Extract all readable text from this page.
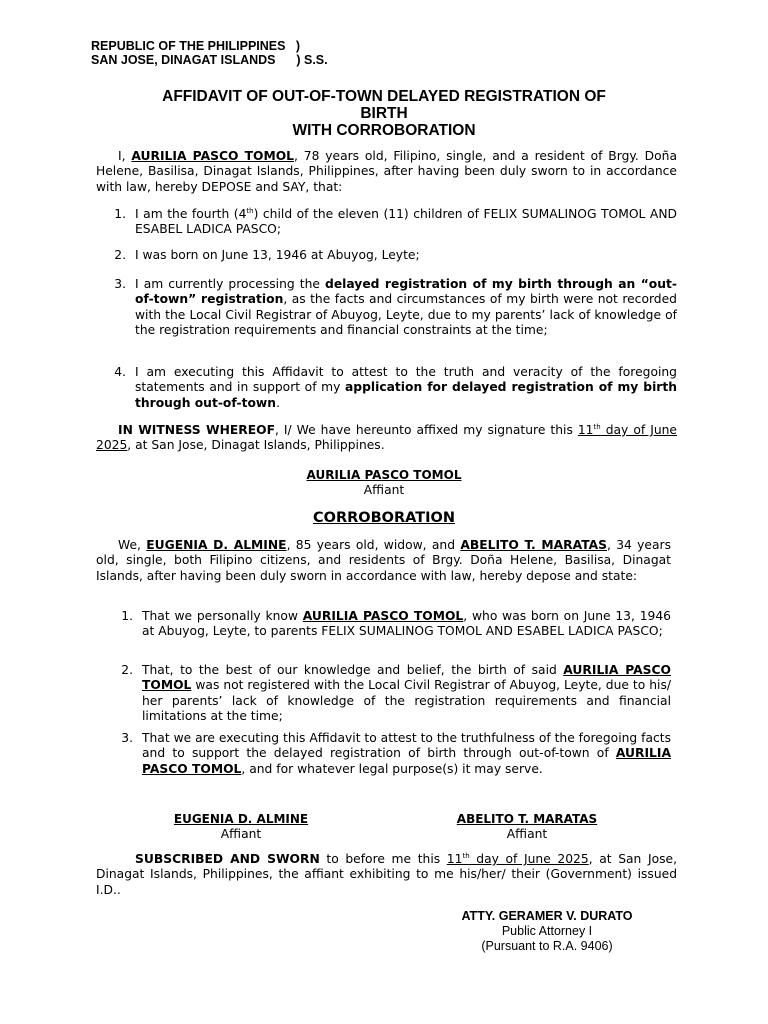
REPUBLIC OF THE PHILIPPINES   )
SAN JOSE, DINAGAT ISLANDS      ) S.S.
AFFIDAVIT OF OUT-OF-TOWN DELAYED REGISTRATION OF
BIRTH
WITH CORROBORATION
I, AURILIA PASCO TOMOL, 78 years old, Filipino, single, and a resident of Brgy. Doña Helene, Basilisa, Dinagat Islands, Philippines, after having been duly sworn to in accordance with law, hereby DEPOSE and SAY, that:
1. I am the fourth (4th) child of the eleven (11) children of FELIX SUMALINOG TOMOL AND ESABEL LADICA PASCO;
2. I was born on June 13, 1946 at Abuyog, Leyte;
3. I am currently processing the delayed registration of my birth through an “out-of-town” registration, as the facts and circumstances of my birth were not recorded with the Local Civil Registrar of Abuyog, Leyte, due to my parents’ lack of knowledge of the registration requirements and financial constraints at the time;
4. I am executing this Affidavit to attest to the truth and veracity of the foregoing statements and in support of my application for delayed registration of my birth through out-of-town.
IN WITNESS WHEREOF, I/ We have hereunto affixed my signature this 11th day of June 2025, at San Jose, Dinagat Islands, Philippines.
AURILIA PASCO TOMOL
Affiant
CORROBORATION
We, EUGENIA D. ALMINE, 85 years old, widow, and ABELITO T. MARATAS, 34 years old, single, both Filipino citizens, and residents of Brgy. Doña Helene, Basilisa, Dinagat Islands, after having been duly sworn in accordance with law, hereby depose and state:
1. That we personally know AURILIA PASCO TOMOL, who was born on June 13, 1946 at Abuyog, Leyte, to parents FELIX SUMALINOG TOMOL AND ESABEL LADICA PASCO;
2. That, to the best of our knowledge and belief, the birth of said AURILIA PASCO TOMOL was not registered with the Local Civil Registrar of Abuyog, Leyte, due to his/ her parents’ lack of knowledge of the registration requirements and financial limitations at the time;
3. That we are executing this Affidavit to attest to the truthfulness of the foregoing facts and to support the delayed registration of birth through out-of-town of AURILIA PASCO TOMOL, and for whatever legal purpose(s) it may serve.
EUGENIA D. ALMINE
Affiant
ABELITO T. MARATAS
Affiant
SUBSCRIBED AND SWORN to before me this 11th day of June 2025, at San Jose, Dinagat Islands, Philippines, the affiant exhibiting to me his/her/ their (Government) issued I.D..
ATTY. GERAMER V. DURATO
Public Attorney I
(Pursuant to R.A. 9406)
